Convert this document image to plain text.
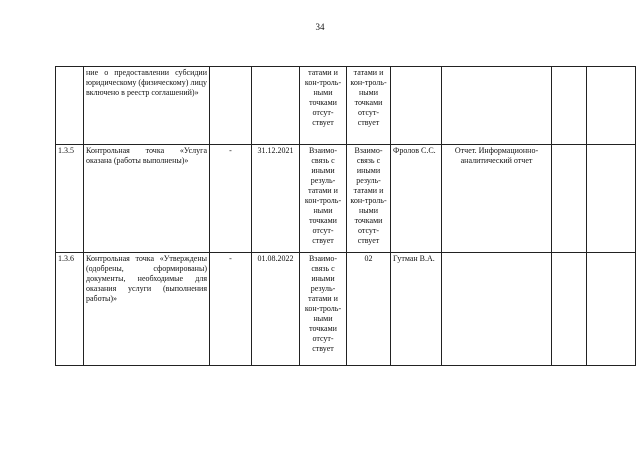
34
	ние о предоставлении субсидии юридическому (физическому) лицу включено в реестр соглашений)»			татами и кон-троль-ными точками отсут-ствует	татами и кон-троль-ными точками отсут-ствует				
1.3.5	Контрольная точка «Услуга оказана (работы выполнены)»	-	31.12.2021	Взаимо-связь с иными резуль-татами и кон-троль-ными точками отсут-ствует	Взаимо-связь с иными резуль-татами и кон-троль-ными точками отсут-ствует	Фролов С.С.	Отчет. Информационно-аналитический отчет		
1.3.6	Контрольная точка «Утверждены (одобрены, сформированы) документы, необходимые для оказания услуги (выполнения работы)»	-	01.08.2022	Взаимо-связь с иными резуль-татами и кон-троль-ными точками отсут-ствует	02	Гутман В.А.			
